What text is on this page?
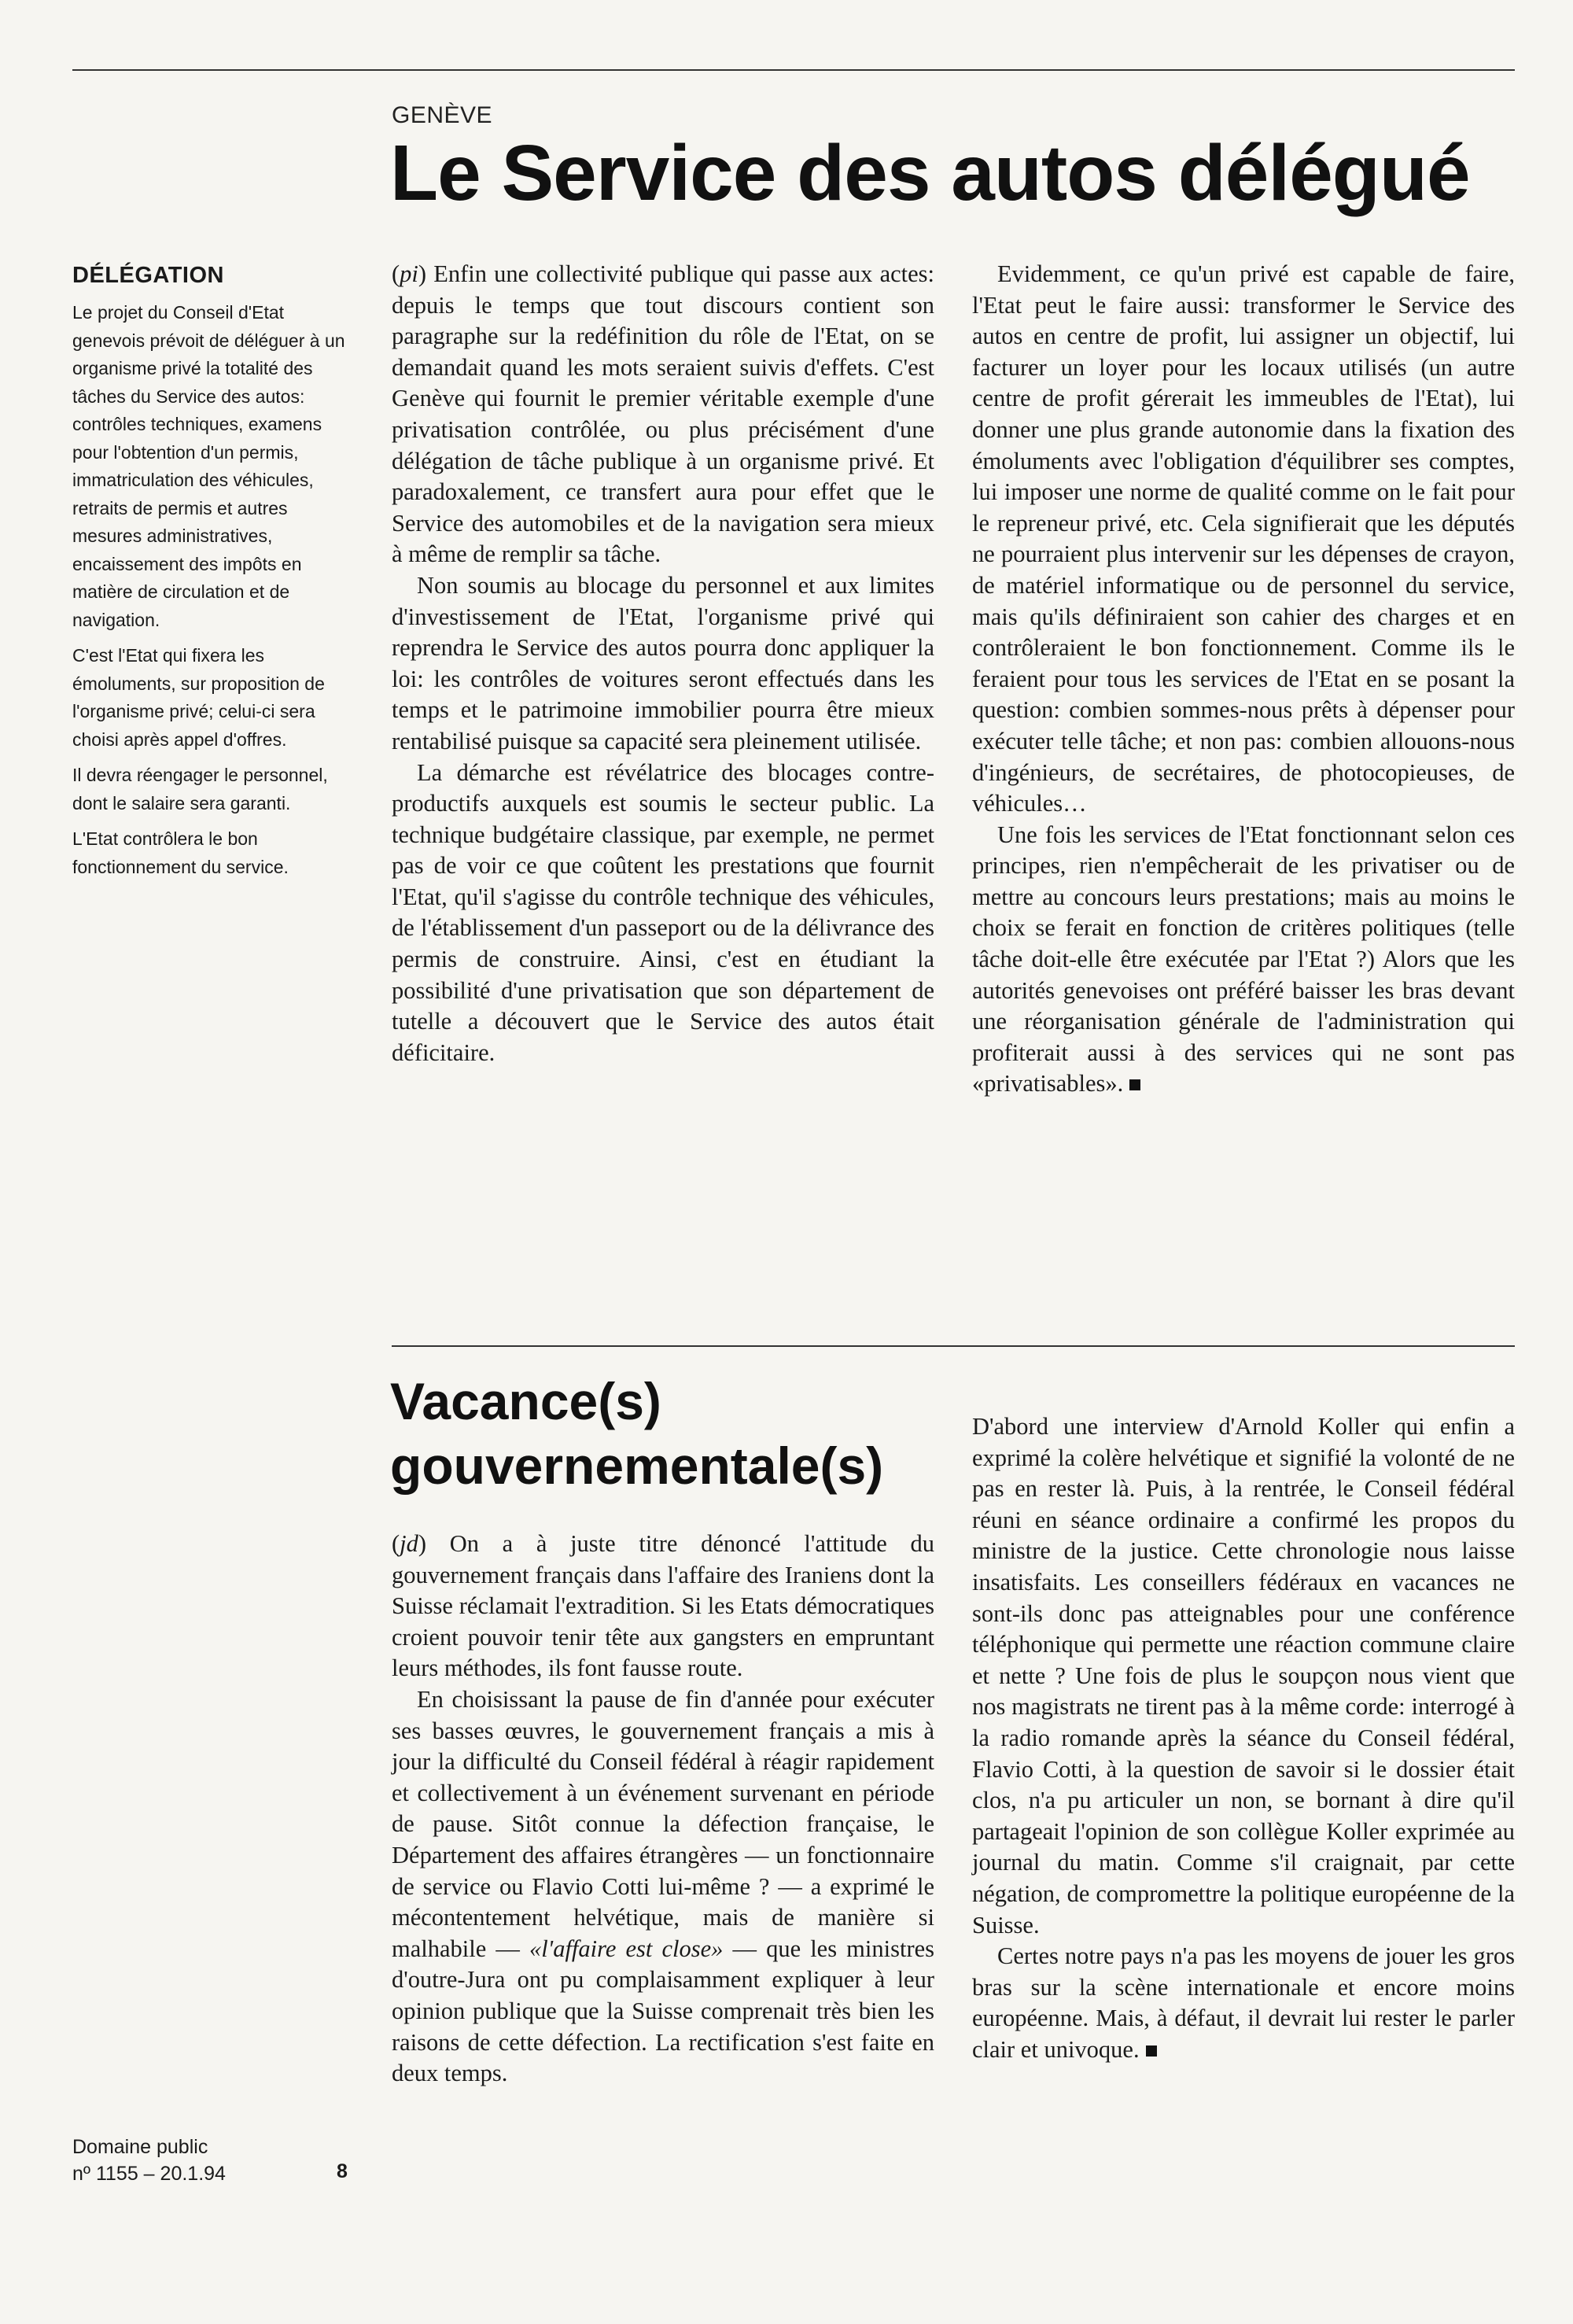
GENÈVE
Le Service des autos délégué
DÉLÉGATION

Le projet du Conseil d'Etat genevois prévoit de déléguer à un organisme privé la totalité des tâches du Service des autos: contrôles techniques, examens pour l'obtention d'un permis, immatriculation des véhicules, retraits de permis et autres mesures administratives, encaissement des impôts en matière de circulation et de navigation.

C'est l'Etat qui fixera les émoluments, sur proposition de l'organisme privé; celui-ci sera choisi après appel d'offres.

Il devra réengager le personnel, dont le salaire sera garanti.

L'Etat contrôlera le bon fonctionnement du service.

(pi) Enfin une collectivité publique qui passe aux actes: depuis le temps que tout discours contient son paragraphe sur la redéfinition du rôle de l'Etat, on se demandait quand les mots seraient suivis d'effets. C'est Genève qui fournit le premier véritable exemple d'une privatisation contrôlée, ou plus précisément d'une délégation de tâche publique à un organisme privé. Et paradoxalement, ce transfert aura pour effet que le Service des automobiles et de la navigation sera mieux à même de remplir sa tâche.

Non soumis au blocage du personnel et aux limites d'investissement de l'Etat, l'organisme privé qui reprendra le Service des autos pourra donc appliquer la loi: les contrôles de voitures seront effectués dans les temps et le patrimoine immobilier pourra être mieux rentabilisé puisque sa capacité sera pleinement utilisée.

La démarche est révélatrice des blocages contre-productifs auxquels est soumis le secteur public. La technique budgétaire classique, par exemple, ne permet pas de voir ce que coûtent les prestations que fournit l'Etat, qu'il s'agisse du contrôle technique des véhicules, de l'établissement d'un passeport ou de la délivrance des permis de construire. Ainsi, c'est en étudiant la possibilité d'une privatisation que son département de tutelle a découvert que le Service des autos était déficitaire.

Evidemment, ce qu'un privé est capable de faire, l'Etat peut le faire aussi: transformer le Service des autos en centre de profit, lui assigner un objectif, lui facturer un loyer pour les locaux utilisés (un autre centre de profit gérerait les immeubles de l'Etat), lui donner une plus grande autonomie dans la fixation des émoluments avec l'obligation d'équilibrer ses comptes, lui imposer une norme de qualité comme on le fait pour le repreneur privé, etc. Cela signifierait que les députés ne pourraient plus intervenir sur les dépenses de crayon, de matériel informatique ou de personnel du service, mais qu'ils définiraient son cahier des charges et en contrôleraient le bon fonctionnement. Comme ils le feraient pour tous les services de l'Etat en se posant la question: combien sommes-nous prêts à dépenser pour exécuter telle tâche; et non pas: combien allouons-nous d'ingénieurs, de secrétaires, de photocopieuses, de véhicules…

Une fois les services de l'Etat fonctionnant selon ces principes, rien n'empêcherait de les privatiser ou de mettre au concours leurs prestations; mais au moins le choix se ferait en fonction de critères politiques (telle tâche doit-elle être exécutée par l'Etat ?) Alors que les autorités genevoises ont préféré baisser les bras devant une réorganisation générale de l'administration qui profiterait aussi à des services qui ne sont pas «privatisables».

Vacance(s) gouvernementale(s)

(jd) On a à juste titre dénoncé l'attitude du gouvernement français dans l'affaire des Iraniens dont la Suisse réclamait l'extradition. Si les Etats démocratiques croient pouvoir tenir tête aux gangsters en empruntant leurs méthodes, ils font fausse route.

En choisissant la pause de fin d'année pour exécuter ses basses œuvres, le gouvernement français a mis à jour la difficulté du Conseil fédéral à réagir rapidement et collectivement à un événement survenant en période de pause. Sitôt connue la défection française, le Département des affaires étrangères — un fonctionnaire de service ou Flavio Cotti lui-même ? — a exprimé le mécontentement helvétique, mais de manière si malhabile — «l'affaire est close» — que les ministres d'outre-Jura ont pu complaisamment expliquer à leur opinion publique que la Suisse comprenait très bien les raisons de cette défection. La rectification s'est faite en deux temps.

D'abord une interview d'Arnold Koller qui enfin a exprimé la colère helvétique et signifié la volonté de ne pas en rester là. Puis, à la rentrée, le Conseil fédéral réuni en séance ordinaire a confirmé les propos du ministre de la justice. Cette chronologie nous laisse insatisfaits. Les conseillers fédéraux en vacances ne sont-ils donc pas atteignables pour une conférence téléphonique qui permette une réaction commune claire et nette ? Une fois de plus le soupçon nous vient que nos magistrats ne tirent pas à la même corde: interrogé à la radio romande après la séance du Conseil fédéral, Flavio Cotti, à la question de savoir si le dossier était clos, n'a pu articuler un non, se bornant à dire qu'il partageait l'opinion de son collègue Koller exprimée au journal du matin. Comme s'il craignait, par cette négation, de compromettre la politique européenne de la Suisse.

Certes notre pays n'a pas les moyens de jouer les gros bras sur la scène internationale et encore moins européenne. Mais, à défaut, il devrait lui rester le parler clair et univoque.

Domaine public
nº 1155 – 20.1.94	8
